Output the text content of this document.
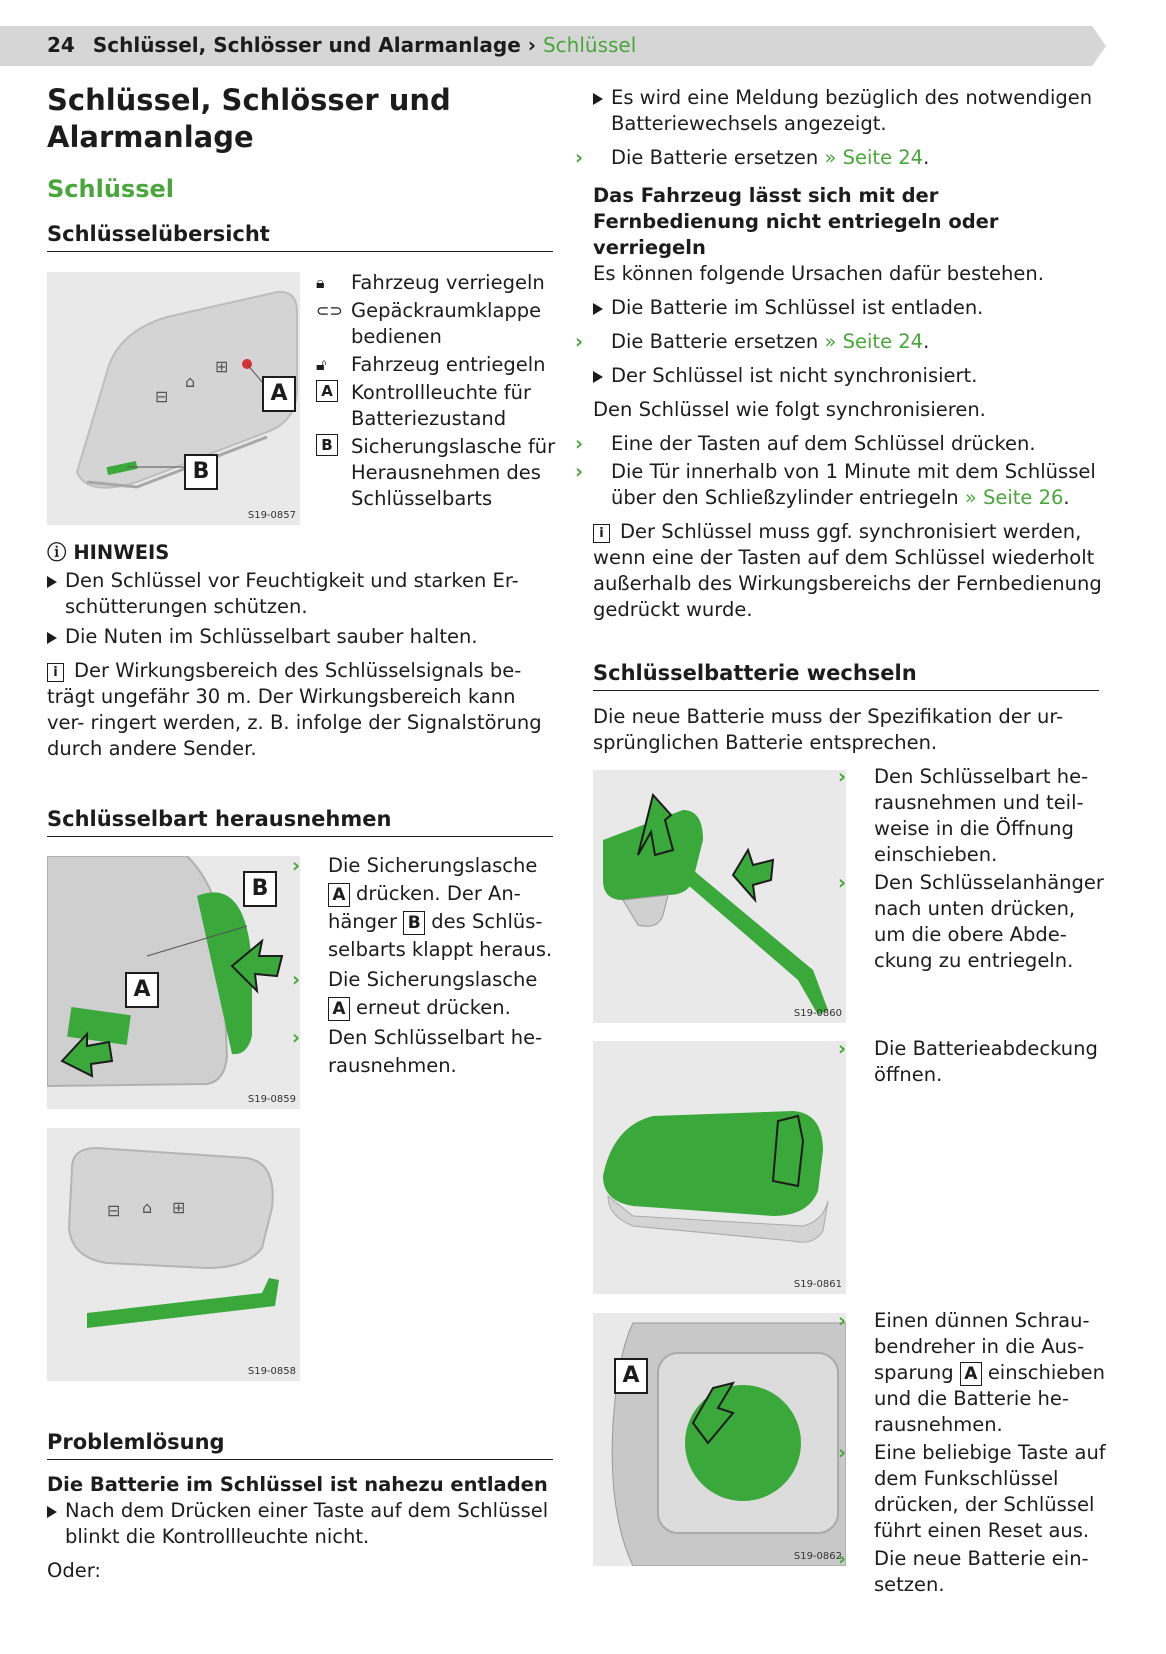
24 Schlüssel, Schlösser und Alarmanlage › Schlüssel
Schlüssel, Schlösser und
Alarmanlage
Schlüssel
Schlüsselübersicht
⊟
⌂
⊞
A
B
S19-0857
🔒︎ Fahrzeug verriegeln
⊂⊃ Gepäckraumklappe bedienen
🔓︎ Fahrzeug entriegeln
A Kontrollleuchte für Batteriezustand
B Sicherungslasche für Herausnehmen des Schlüsselbarts
ⓘ HINWEIS
Den Schlüssel vor Feuchtigkeit und starken Er- schütterungen schützen.
Die Nuten im Schlüsselbart sauber halten.
i Der Wirkungsbereich des Schlüsselsignals be- trägt ungefähr 30 m. Der Wirkungsbereich kann ver- ringert werden, z. B. infolge der Signalstörung durch andere Sender.
Schlüsselbart herausnehmen
B
A
S19-0859
› Die Sicherungslasche
A drücken. Der An-
hänger B des Schlüs-
selbarts klappt heraus.
› Die Sicherungslasche
A erneut drücken.
› Den Schlüsselbart he-
rausnehmen.
⊟ ⌂ ⊞
S19-0858
Problemlösung
Die Batterie im Schlüssel ist nahezu entladen
Nach dem Drücken einer Taste auf dem Schlüssel blinkt die Kontrollleuchte nicht.
Oder:
Es wird eine Meldung bezüglich des notwendigen Batteriewechsels angezeigt.
› Die Batterie ersetzen » Seite 24.
Das Fahrzeug lässt sich mit der Fernbedienung nicht entriegeln oder verriegeln
Es können folgende Ursachen dafür bestehen.
Die Batterie im Schlüssel ist entladen.
› Die Batterie ersetzen » Seite 24.
Der Schlüssel ist nicht synchronisiert.
Den Schlüssel wie folgt synchronisieren.
› Eine der Tasten auf dem Schlüssel drücken.
› Die Tür innerhalb von 1 Minute mit dem Schlüssel über den Schließzylinder entriegeln » Seite 26.
i Der Schlüssel muss ggf. synchronisiert werden, wenn eine der Tasten auf dem Schlüssel wiederholt außerhalb des Wirkungsbereichs der Fernbedienung gedrückt wurde.
Schlüsselbatterie wechseln
Die neue Batterie muss der Spezifikation der ur- sprünglichen Batterie entsprechen.
S19-0860
› Den Schlüsselbart he- rausnehmen und teil- weise in die Öffnung einschieben.
› Den Schlüsselanhänger nach unten drücken, um die obere Abde- ckung zu entriegeln.
S19-0861
› Die Batterieabdeckung öffnen.
A
S19-0862
› Einen dünnen Schrau- bendreher in die Aus- sparung A einschieben und die Batterie he- rausnehmen.
› Eine beliebige Taste auf dem Funkschlüssel drücken, der Schlüssel führt einen Reset aus.
› Die neue Batterie ein- setzen.
